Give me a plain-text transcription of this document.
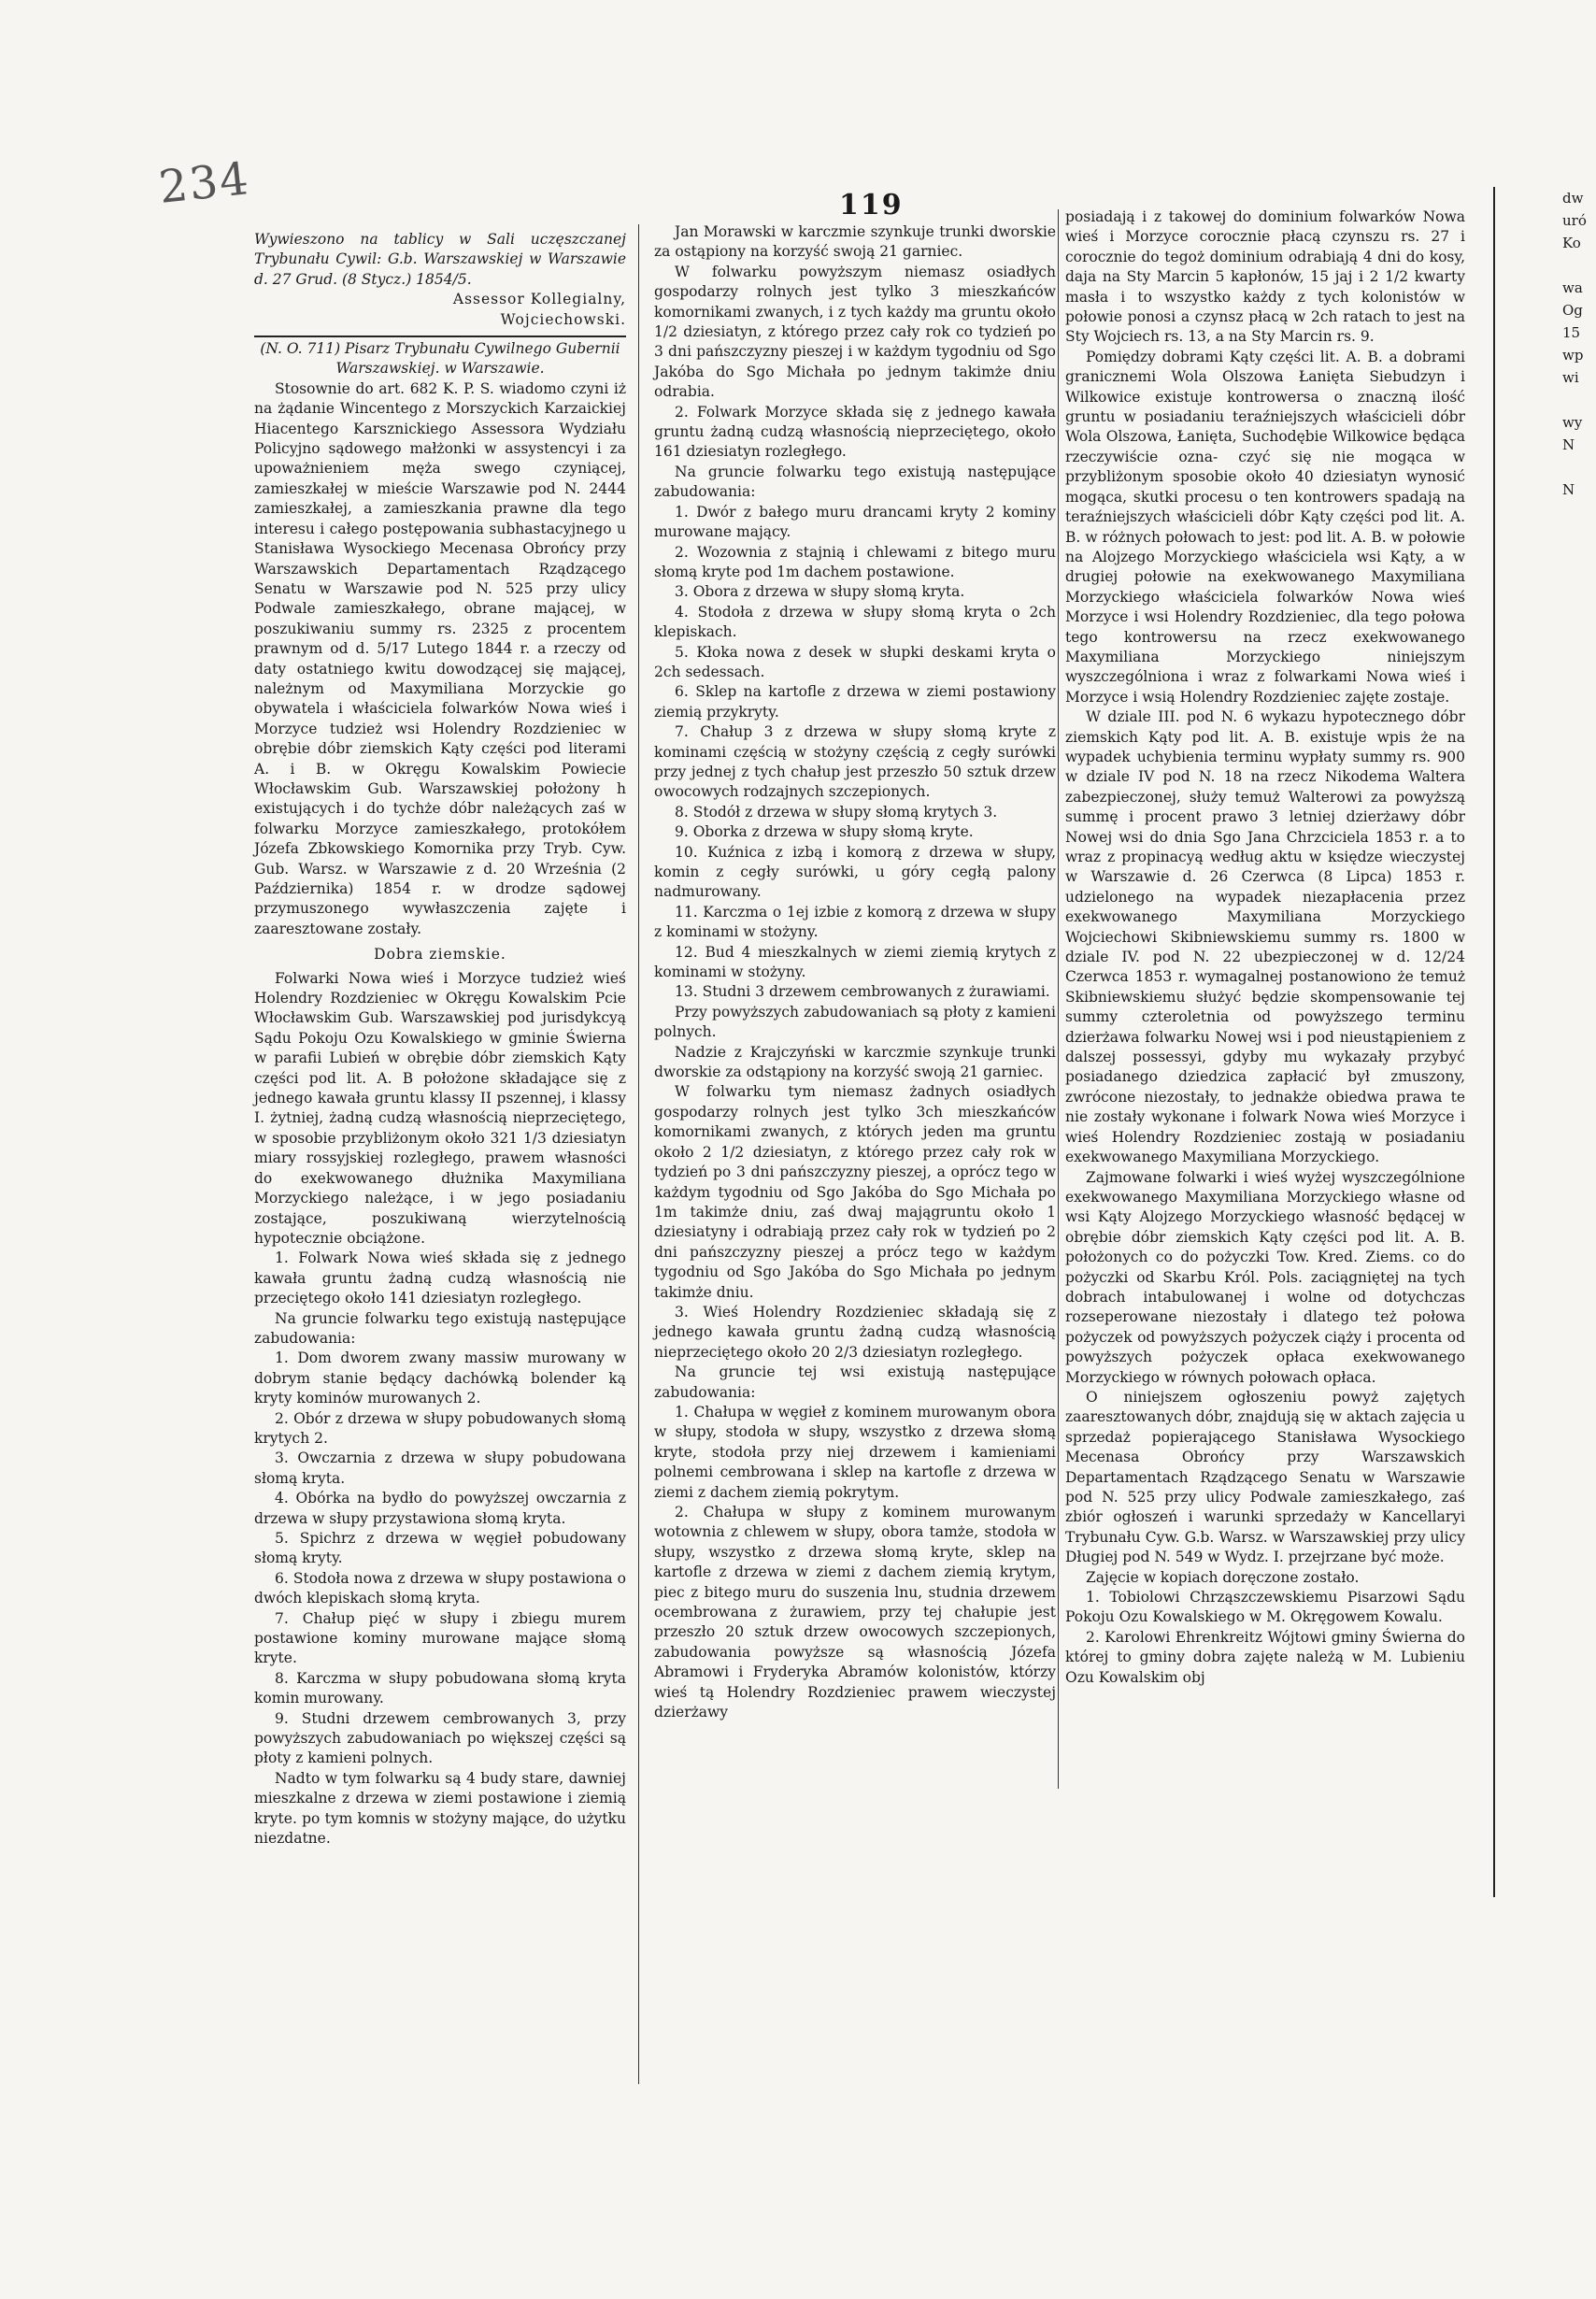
234	119

Wywieszono na tablicy w Sali uczęszczanej Trybunału Cywil: G.b. Warszawskiej w Warszawie d. 27 Grud. (8 Stycz.) 1854/5.

Assessor Kollegialny,

Wojciechowski.

(N. O. 711) Pisarz Trybunału Cywilnego Gubernii Warszawskiej. w Warszawie.

Stosownie do art. 682 K. P. S. wiadomo czyni iż na żądanie Wincentego z Morszyckich Karzaickiej Hiacentego Karsznickiego Assessora Wydziału Policyjno sądowego małżonki w assystencyi i za upoważnieniem męża swego czyniącej, zamieszkałej w mieście Warszawie pod N. 2444 zamieszkałej, a zamieszkania prawne dla tego interesu i całego postępowania subhastacyjnego u Stanisława Wysockiego Mecenasa Obrońcy przy Warszawskich Departamentach Rządzącego Senatu w Warszawie pod N. 525 przy ulicy Podwale zamieszkałego, obrane mającej, w poszukiwaniu summy rs. 2325 z procentem prawnym od d. 5/17 Lutego 1844 r. a rzeczy od daty ostatniego kwitu dowodzącej się mającej, należnym od Maxymiliana Morzyckie go obywatela i właściciela folwarków Nowa wieś i Morzyce tudzież wsi Holendry Rozdzieniec w obrębie dóbr ziemskich Kąty części pod literami A. i B. w Okręgu Kowalskim Powiecie Włocławskim Gub. Warszawskiej położony h existujących i do tychże dóbr należących zaś w folwarku Morzyce zamieszkałego, protokółem Józefa Zbkowskiego Komornika przy Tryb. Cyw. Gub. Warsz. w Warszawie z d. 20 Września (2 Października) 1854 r. w drodze sądowej przymuszonego wywłaszczenia zajęte i zaaresztowane zostały.

Dobra ziemskie.

Folwarki Nowa wieś i Morzyce tudzież wieś Holendry Rozdzieniec w Okręgu Kowalskim Pcie Włocławskim Gub. Warszawskiej pod jurisdykcyą Sądu Pokoju Ozu Kowalskiego w gminie Świerna w parafii Lubień w obrębie dóbr ziemskich Kąty części pod lit. A. B położone składające się z jednego kawała gruntu klassy II pszennej, i klassy I. żytniej, żadną cudzą własnością nieprzeciętego, w sposobie przybliżonym około 321 1/3 dziesiatyn miary rossyjskiej rozległego, prawem własności do exekwowanego dłużnika Maxymiliana Morzyckiego należące, i w jego posiadaniu zostające, poszukiwaną wierzytelnością hypotecznie obciążone.

1. Folwark Nowa wieś składa się z jednego kawała gruntu żadną cudzą własnością nie przeciętego około 141 dziesiatyn rozległego.

Na gruncie folwarku tego existują następujące zabudowania:

1. Dom dworem zwany massiw murowany w dobrym stanie będący dachówką bolender ką kryty kominów murowanych 2.

2. Obór z drzewa w słupy pobudowanych słomą krytych 2.

3. Owczarnia z drzewa w słupy pobudowana słomą kryta.

4. Obórka na bydło do powyższej owczarnia z drzewa w słupy przystawiona słomą kryta.

5. Spichrz z drzewa w węgieł pobudowany słomą kryty.

6. Stodoła nowa z drzewa w słupy postawiona o dwóch klepiskach słomą kryta.

7. Chałup pięć w słupy i zbiegu murem postawione kominy murowane mające słomą kryte.

8. Karczma w słupy pobudowana słomą kryta komin murowany.

9. Studni drzewem cembrowanych 3, przy powyższych zabudowaniach po większej części są płoty z kamieni polnych.

Nadto w tym folwarku są 4 budy stare, dawniej mieszkalne z drzewa w ziemi postawione i ziemią kryte. po tym komnis w stożyny mające, do użytku niezdatne.

Jan Morawski w karczmie szynkuje trunki dworskie za ostąpiony na korzyść swoją 21 garniec.

W folwarku powyższym niemasz osiadłych gospodarzy rolnych jest tylko 3 mieszkańców komornikami zwanych, i z tych każdy ma gruntu około 1/2 dziesiatyn, z którego przez cały rok co tydzień po 3 dni pańszczyzny pieszej i w każdym tygodniu od Sgo Jakóba do Sgo Michała po jednym takimże dniu odrabia.

2. Folwark Morzyce składa się z jednego kawała gruntu żadną cudzą własnością nieprzeciętego, około 161 dziesiatyn rozległego.

Na gruncie folwarku tego existują następujące zabudowania:

1. Dwór z bałego muru drancami kryty 2 kominy murowane mający.

2. Wozownia z stajnią i chlewami z bitego muru słomą kryte pod 1m dachem postawione.

3. Obora z drzewa w słupy słomą kryta.

4. Stodoła z drzewa w słupy słomą kryta o 2ch klepiskach.

5. Kłoka nowa z desek w słupki deskami kryta o 2ch sedessach.

6. Sklep na kartofle z drzewa w ziemi postawiony ziemią przykryty.

7. Chałup 3 z drzewa w słupy słomą kryte z kominami częścią w stożyny częścią z cegły surówki przy jednej z tych chałup jest przeszło 50 sztuk drzew owocowych rodzajnych szczepionych.

8. Stodół z drzewa w słupy słomą krytych 3.

9. Oborka z drzewa w słupy słomą kryte.

10. Kuźnica z izbą i komorą z drzewa w słupy, komin z cegły surówki, u góry cegłą palony nadmurowany.

11. Karczma o 1ej izbie z komorą z drzewa w słupy z kominami w stożyny.

12. Bud 4 mieszkalnych w ziemi ziemią krytych z kominami w stożyny.

13. Studni 3 drzewem cembrowanych z żurawiami.

Przy powyższych zabudowaniach są płoty z kamieni polnych.

Nadzie z Krajczyński w karczmie szynkuje trunki dworskie za odstąpiony na korzyść swoją 21 garniec.

W folwarku tym niemasz żadnych osiadłych gospodarzy rolnych jest tylko 3ch mieszkańców komornikami zwanych, z których jeden ma gruntu około 2 1/2 dziesiatyn, z którego przez cały rok w tydzień po 3 dni pańszczyzny pieszej, a oprócz tego w każdym tygodniu od Sgo Jakóba do Sgo Michała po 1m takimże dniu, zaś dwaj majągruntu około 1 dziesiatyny i odrabiają przez cały rok w tydzień po 2 dni pańszczyzny pieszej a prócz tego w każdym tygodniu od Sgo Jakóba do Sgo Michała po jednym takimże dniu.

3. Wieś Holendry Rozdzieniec składają się z jednego kawała gruntu żadną cudzą własnością nieprzeciętego około 20 2/3 dziesiatyn rozległego.

Na gruncie tej wsi existują następujące zabudowania:

1. Chałupa w węgieł z kominem murowanym obora w słupy, stodoła w słupy, wszystko z drzewa słomą kryte, stodoła przy niej drzewem i kamieniami polnemi cembrowana i sklep na kartofle z drzewa w ziemi z dachem ziemią pokrytym.

2. Chałupa w słupy z kominem murowanym wotownia z chlewem w słupy, obora tamże, stodoła w słupy, wszystko z drzewa słomą kryte, sklep na kartofle z drzewa w ziemi z dachem ziemią krytym, piec z bitego muru do suszenia lnu, studnia drzewem ocembrowana z żurawiem, przy tej chałupie jest przeszło 20 sztuk drzew owocowych szczepionych, zabudowania powyższe są własnością Józefa Abramowi i Fryderyka Abramów kolonistów, którzy wieś tą Holendry Rozdzieniec prawem wieczystej dzierżawy

posiadają i z takowej do dominium folwarków Nowa wieś i Morzyce corocznie płacą czynszu rs. 27 i corocznie do tegoż dominium odrabiają 4 dni do kosy, daja na Sty Marcin 5 kapłonów, 15 jaj i 2 1/2 kwarty masła i to wszystko każdy z tych kolonistów w połowie ponosi a czynsz płacą w 2ch ratach to jest na Sty Wojciech rs. 13, a na Sty Marcin rs. 9.

Pomiędzy dobrami Kąty części lit. A. B. a dobrami granicznemi Wola Olszowa Łanięta Siebudzyn i Wilkowice existuje kontrowersa o znaczną ilość gruntu w posiadaniu teraźniejszych właścicieli dóbr Wola Olszowa, Łanięta, Suchodębie Wilkowice będąca rzeczywiście ozna- czyć się nie mogąca w przybliżonym sposobie około 40 dziesiatyn wynosić mogąca, skutki procesu o ten kontrowers spadają na teraźniejszych właścicieli dóbr Kąty części pod lit. A. B. w różnych połowach to jest: pod lit. A. B. w połowie na Alojzego Morzyckiego właściciela wsi Kąty, a w drugiej połowie na exekwowanego Maxymiliana Morzyckiego właściciela folwarków Nowa wieś Morzyce i wsi Holendry Rozdzieniec, dla tego połowa tego kontrowersu na rzecz exekwowanego Maxymiliana Morzyckiego niniejszym wyszczególniona i wraz z folwarkami Nowa wieś i Morzyce i wsią Holendry Rozdzieniec zajęte zostaje.

W dziale III. pod N. 6 wykazu hypotecznego dóbr ziemskich Kąty pod lit. A. B. existuje wpis że na wypadek uchybienia terminu wypłaty summy rs. 900 w dziale IV pod N. 18 na rzecz Nikodema Waltera zabezpieczonej, służy temuż Walterowi za powyższą summę i procent prawo 3 letniej dzierżawy dóbr Nowej wsi do dnia Sgo Jana Chrzciciela 1853 r. a to wraz z propinacyą według aktu w księdze wieczystej w Warszawie d. 26 Czerwca (8 Lipca) 1853 r. udzielonego na wypadek niezapłacenia przez exekwowanego Maxymiliana Morzyckiego Wojciechowi Skibniewskiemu summy rs. 1800 w dziale IV. pod N. 22 ubezpieczonej w d. 12/24 Czerwca 1853 r. wymagalnej postanowiono że temuż Skibniewskiemu służyć będzie skompensowanie tej summy czteroletnia od powyższego terminu dzierżawa folwarku Nowej wsi i pod nieustąpieniem z dalszej possessyi, gdyby mu wykazały przybyć posiadanego dziedzica zapłacić był zmuszony, zwrócone niezostały, to jednakże obiedwa prawa te nie zostały wykonane i folwark Nowa wieś Morzyce i wieś Holendry Rozdzieniec zostają w posiadaniu exekwowanego Maxymiliana Morzyckiego.

Zajmowane folwarki i wieś wyżej wyszczególnione exekwowanego Maxymiliana Morzyckiego własne od wsi Kąty Alojzego Morzyckiego własność będącej w obrębie dóbr ziemskich Kąty części pod lit. A. B. położonych co do pożyczki Tow. Kred. Ziems. co do pożyczki od Skarbu Król. Pols. zaciągniętej na tych dobrach intabulowanej i wolne od dotychczas rozseperowane niezostały i dlatego też połowa pożyczek od powyższych pożyczek ciąży i procenta od powyższych pożyczek opłaca exekwowanego Morzyckiego w równych połowach opłaca.

O niniejszem ogłoszeniu powyż zajętych zaaresztowanych dóbr, znajdują się w aktach zajęcia u sprzedaż popierającego Stanisława Wysockiego Mecenasa Obrońcy przy Warszawskich Departamentach Rządzącego Senatu w Warszawie pod N. 525 przy ulicy Podwale zamieszkałego, zaś zbiór ogłoszeń i warunki sprzedaży w Kancellaryi Trybunału Cyw. G.b. Warsz. w Warszawskiej przy ulicy Długiej pod N. 549 w Wydz. I. przejrzane być może.

Zajęcie w kopiach doręczone zostało.

1. Tobiolowi Chrząszczewskiemu Pisarzowi Sądu Pokoju Ozu Kowalskiego w M. Okręgowem Kowalu.

2. Karolowi Ehrenkreitz Wójtowi gminy Świerna do której to gminy dobra zajęte należą w M. Lubieniu Ozu Kowalskim obj

dw
uró
Ko

wa
Og
15
wp
wi

wy
N

N
